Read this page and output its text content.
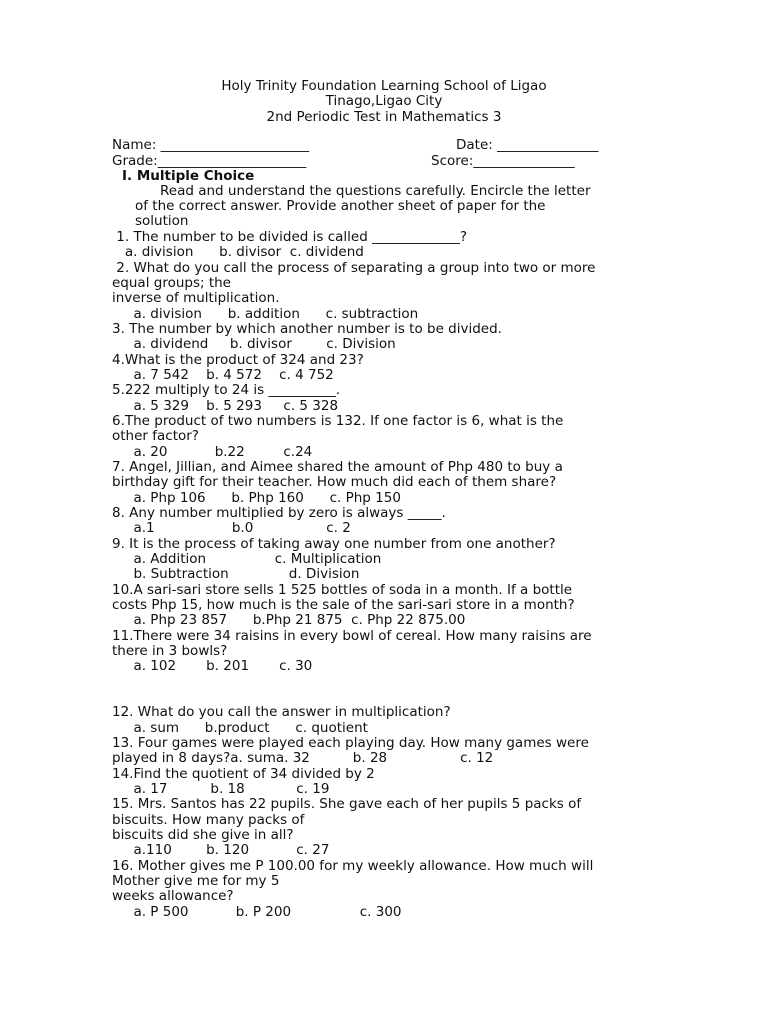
Holy Trinity Foundation Learning School of Ligao
Tinago,Ligao City
2nd Periodic Test in Mathematics 3
Name: ______________________	Date: _______________
Grade:______________________	Score:_______________
I. Multiple Choice
Read and understand the questions carefully. Encircle the letter
of the correct answer. Provide another sheet of paper for the
solution
1. The number to be divided is called _____________?
a. division      b. divisor  c. dividend
2. What do you call the process of separating a group into two or more
equal groups; the
inverse of multiplication.
a. division      b. addition      c. subtraction
3. The number by which another number is to be divided.
a. dividend     b. divisor        c. Division
4.What is the product of 324 and 23?
a. 7 542    b. 4 572    c. 4 752
5.222 multiply to 24 is __________.
a. 5 329    b. 5 293     c. 5 328
6.The product of two numbers is 132. If one factor is 6, what is the
other factor?
a. 20           b.22         c.24
7. Angel, Jillian, and Aimee shared the amount of Php 480 to buy a
birthday gift for their teacher. How much did each of them share?
a. Php 106      b. Php 160      c. Php 150
8. Any number multiplied by zero is always _____.
a.1                  b.0                 c. 2
9. It is the process of taking away one number from one another?
a. Addition                c. Multiplication
b. Subtraction              d. Division
10.A sari-sari store sells 1 525 bottles of soda in a month. If a bottle
costs Php 15, how much is the sale of the sari-sari store in a month?
a. Php 23 857      b.Php 21 875  c. Php 22 875.00
11.There were 34 raisins in every bowl of cereal. How many raisins are
there in 3 bowls?
a. 102       b. 201       c. 30
12. What do you call the answer in multiplication?
a. sum      b.product      c. quotient
13. Four games were played each playing day. How many games were
played in 8 days?a. suma. 32          b. 28                 c. 12
14.Find the quotient of 34 divided by 2
a. 17          b. 18            c. 19
15. Mrs. Santos has 22 pupils. She gave each of her pupils 5 packs of
biscuits. How many packs of
biscuits did she give in all?
a.110        b. 120           c. 27
16. Mother gives me P 100.00 for my weekly allowance. How much will
Mother give me for my 5
weeks allowance?
a. P 500           b. P 200                c. 300
